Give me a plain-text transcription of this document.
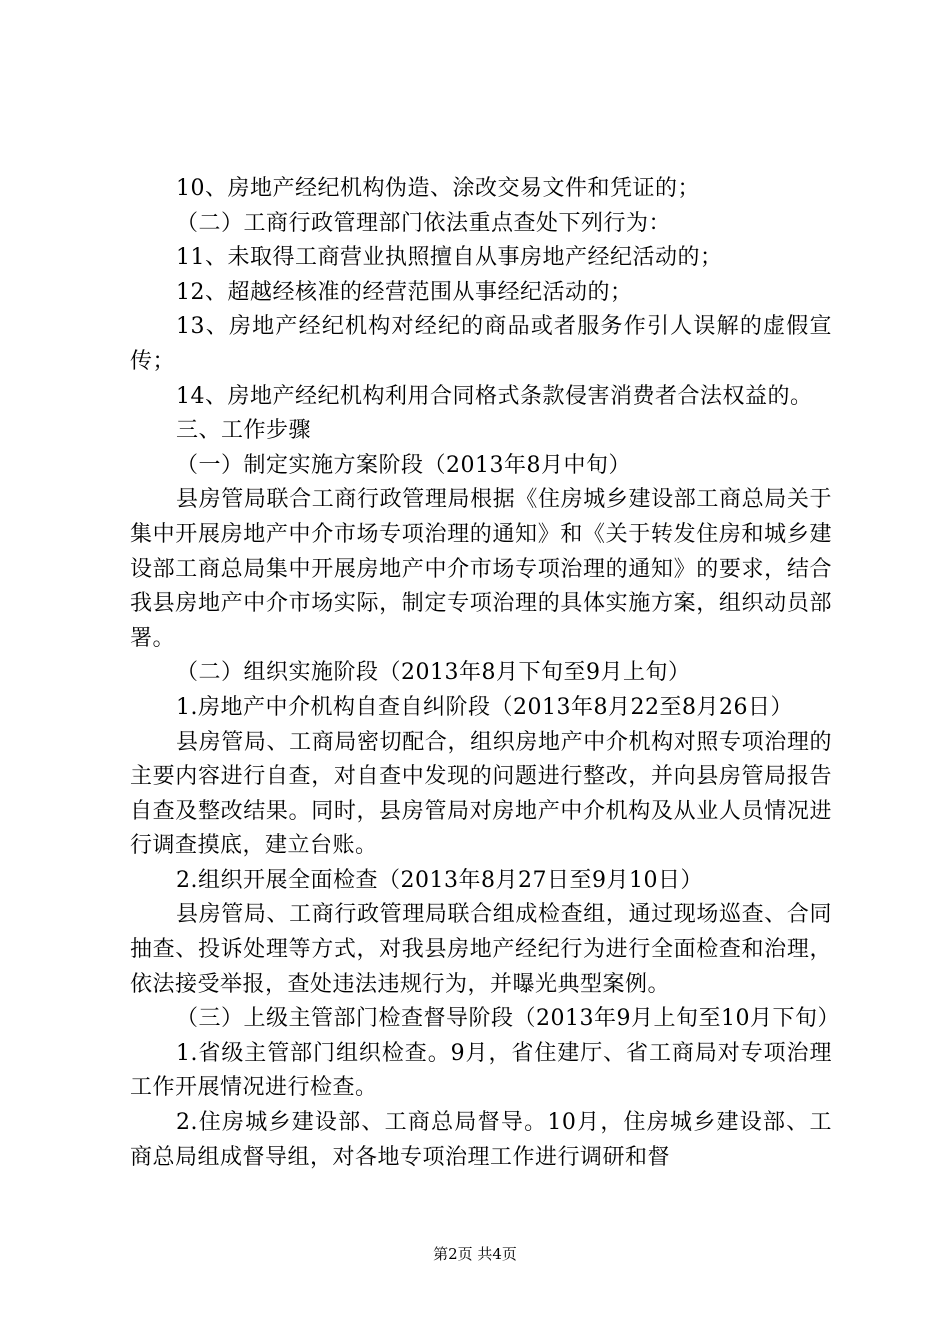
10、房地产经纪机构伪造、涂改交易文件和凭证的；

（二）工商行政管理部门依法重点查处下列行为：

11、未取得工商营业执照擅自从事房地产经纪活动的；

12、超越经核准的经营范围从事经纪活动的；

13、房地产经纪机构对经纪的商品或者服务作引人误解的虚假宣传；

14、房地产经纪机构利用合同格式条款侵害消费者合法权益的。

三、工作步骤

（一）制定实施方案阶段（2013年8月中旬）

县房管局联合工商行政管理局根据《住房城乡建设部工商总局关于集中开展房地产中介市场专项治理的通知》和《关于转发住房和城乡建设部工商总局集中开展房地产中介市场专项治理的通知》的要求，结合我县房地产中介市场实际，制定专项治理的具体实施方案，组织动员部署。

（二）组织实施阶段（2013年8月下旬至9月上旬）

1.房地产中介机构自查自纠阶段（2013年8月22至8月26日）

县房管局、工商局密切配合，组织房地产中介机构对照专项治理的主要内容进行自查，对自查中发现的问题进行整改，并向县房管局报告自查及整改结果。同时，县房管局对房地产中介机构及从业人员情况进行调查摸底，建立台账。

2.组织开展全面检查（2013年8月27日至9月10日）

县房管局、工商行政管理局联合组成检查组，通过现场巡查、合同抽查、投诉处理等方式，对我县房地产经纪行为进行全面检查和治理，依法接受举报，查处违法违规行为，并曝光典型案例。

（三）上级主管部门检查督导阶段（2013年9月上旬至10月下旬）

1.省级主管部门组织检查。9月，省住建厅、省工商局对专项治理工作开展情况进行检查。

2.住房城乡建设部、工商总局督导。10月，住房城乡建设部、工商总局组成督导组，对各地专项治理工作进行调研和督

第2页 共4页
